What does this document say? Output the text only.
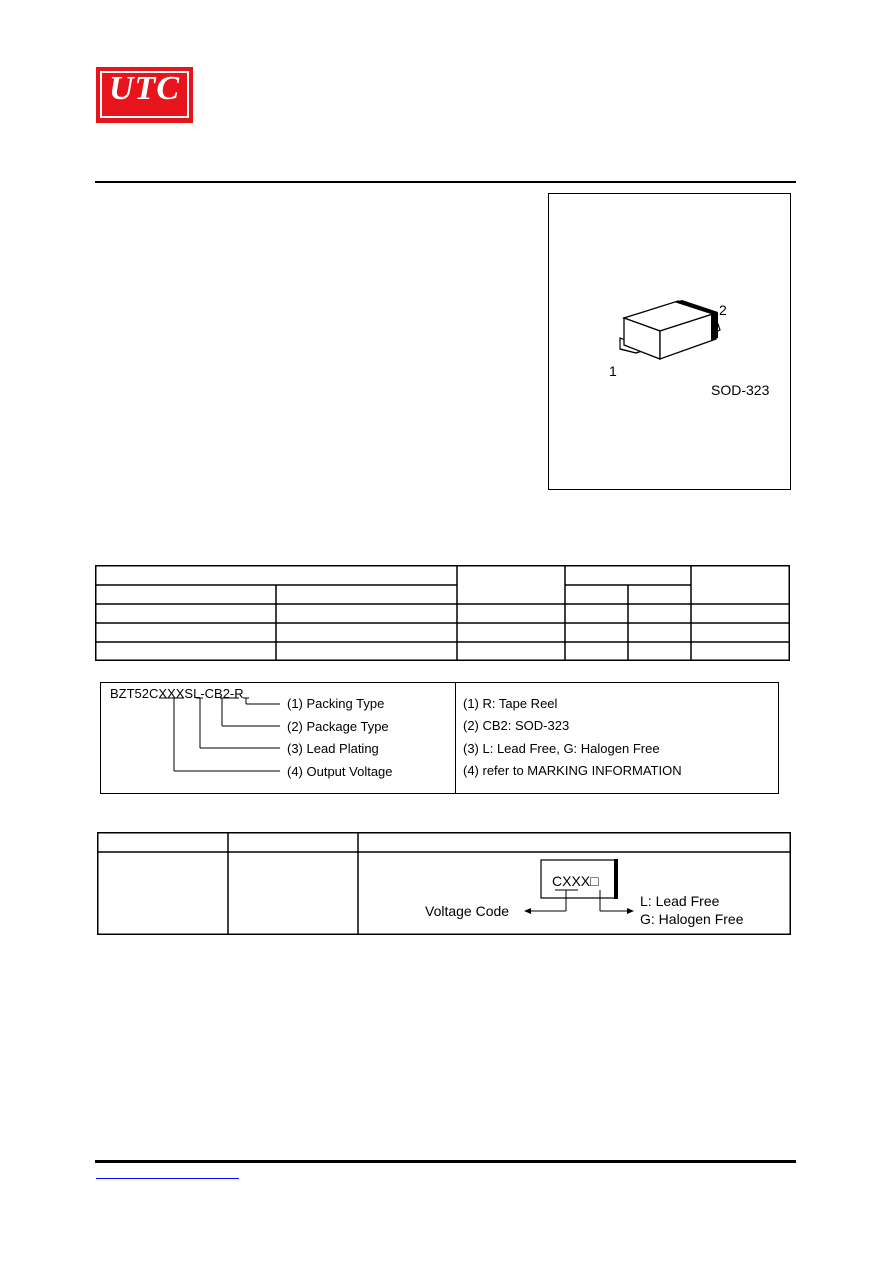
UTC
2
1
SOD-323
BZT52CXXXSL-CB2-R
(1) Packing Type
(2) Package Type
(3) Lead Plating
(4) Output Voltage
(1) R: Tape Reel
(2) CB2: SOD-323
(3) L: Lead Free, G: Halogen Free
(4) refer to MARKING INFORMATION
CXXX□
Voltage Code
L: Lead Free
G: Halogen Free
